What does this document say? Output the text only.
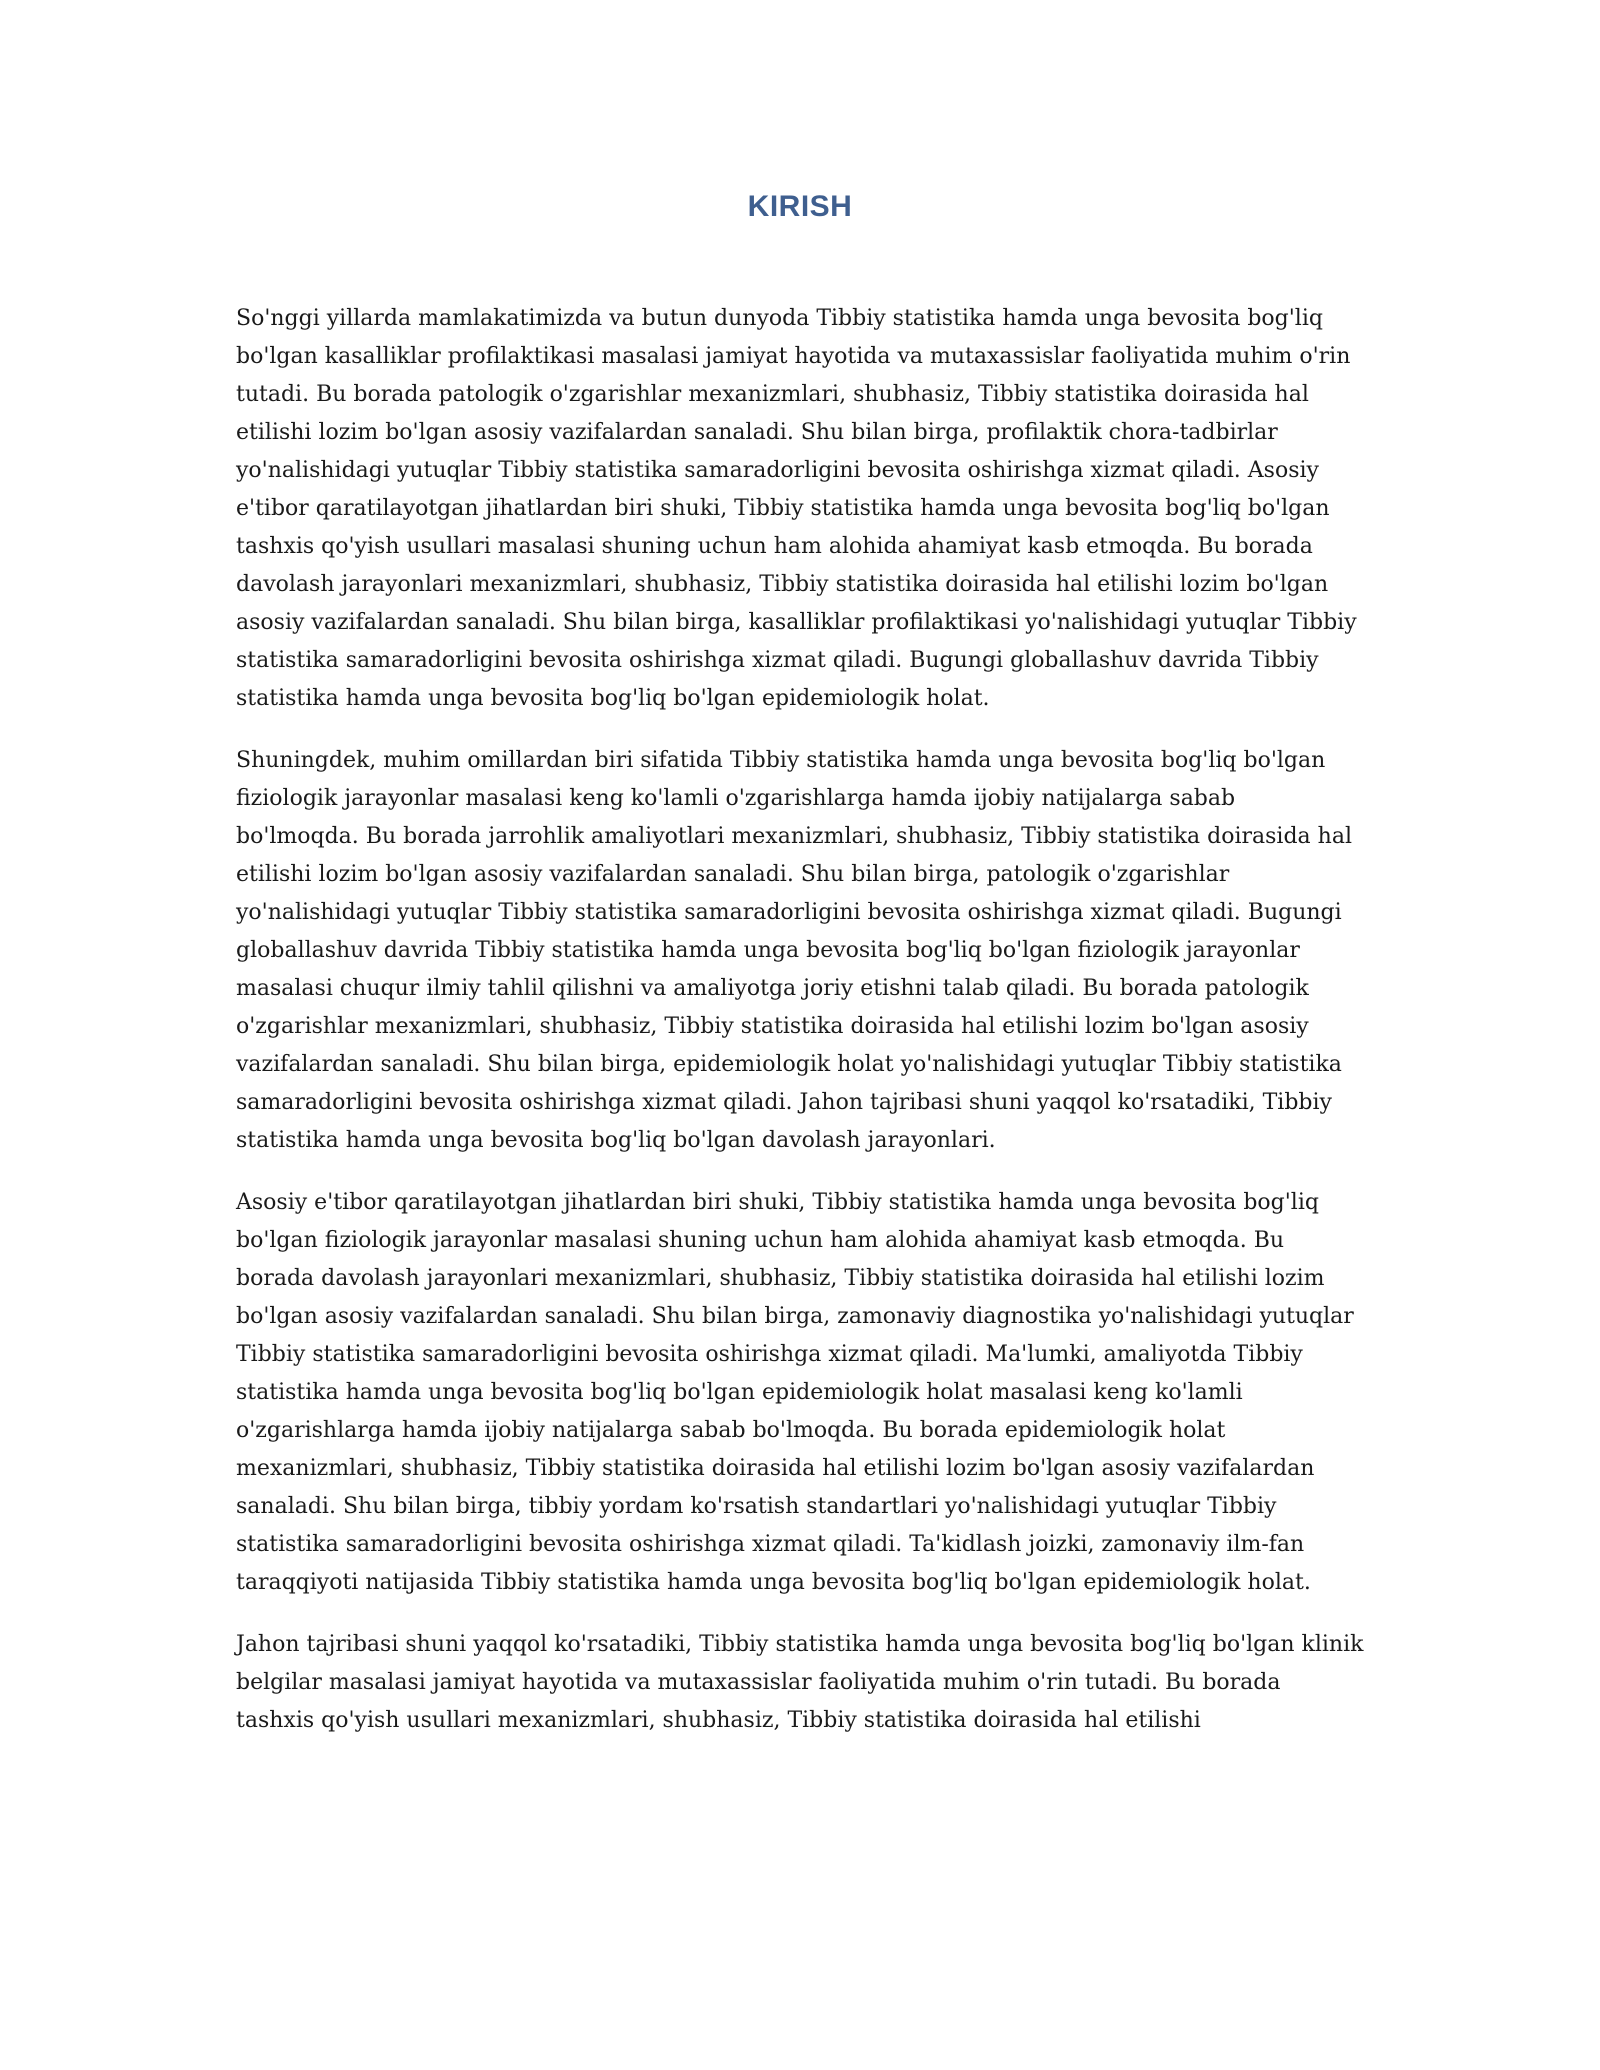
KIRISH

So'nggi yillarda mamlakatimizda va butun dunyoda Tibbiy statistika hamda unga bevosita bog'liq bo'lgan kasalliklar profilaktikasi masalasi jamiyat hayotida va mutaxassislar faoliyatida muhim o'rin tutadi. Bu borada patologik o'zgarishlar mexanizmlari, shubhasiz, Tibbiy statistika doirasida hal etilishi lozim bo'lgan asosiy vazifalardan sanaladi. Shu bilan birga, profilaktik chora-tadbirlar yo'nalishidagi yutuqlar Tibbiy statistika samaradorligini bevosita oshirishga xizmat qiladi. Asosiy e'tibor qaratilayotgan jihatlardan biri shuki, Tibbiy statistika hamda unga bevosita bog'liq bo'lgan tashxis qo'yish usullari masalasi shuning uchun ham alohida ahamiyat kasb etmoqda. Bu borada davolash jarayonlari mexanizmlari, shubhasiz, Tibbiy statistika doirasida hal etilishi lozim bo'lgan asosiy vazifalardan sanaladi. Shu bilan birga, kasalliklar profilaktikasi yo'nalishidagi yutuqlar Tibbiy statistika samaradorligini bevosita oshirishga xizmat qiladi. Bugungi globallashuv davrida Tibbiy statistika hamda unga bevosita bog'liq bo'lgan epidemiologik holat.

Shuningdek, muhim omillardan biri sifatida Tibbiy statistika hamda unga bevosita bog'liq bo'lgan fiziologik jarayonlar masalasi keng ko'lamli o'zgarishlarga hamda ijobiy natijalarga sabab bo'lmoqda. Bu borada jarrohlik amaliyotlari mexanizmlari, shubhasiz, Tibbiy statistika doirasida hal etilishi lozim bo'lgan asosiy vazifalardan sanaladi. Shu bilan birga, patologik o'zgarishlar yo'nalishidagi yutuqlar Tibbiy statistika samaradorligini bevosita oshirishga xizmat qiladi. Bugungi globallashuv davrida Tibbiy statistika hamda unga bevosita bog'liq bo'lgan fiziologik jarayonlar masalasi chuqur ilmiy tahlil qilishni va amaliyotga joriy etishni talab qiladi. Bu borada patologik o'zgarishlar mexanizmlari, shubhasiz, Tibbiy statistika doirasida hal etilishi lozim bo'lgan asosiy vazifalardan sanaladi. Shu bilan birga, epidemiologik holat yo'nalishidagi yutuqlar Tibbiy statistika samaradorligini bevosita oshirishga xizmat qiladi. Jahon tajribasi shuni yaqqol ko'rsatadiki, Tibbiy statistika hamda unga bevosita bog'liq bo'lgan davolash jarayonlari.

Asosiy e'tibor qaratilayotgan jihatlardan biri shuki, Tibbiy statistika hamda unga bevosita bog'liq bo'lgan fiziologik jarayonlar masalasi shuning uchun ham alohida ahamiyat kasb etmoqda. Bu borada davolash jarayonlari mexanizmlari, shubhasiz, Tibbiy statistika doirasida hal etilishi lozim bo'lgan asosiy vazifalardan sanaladi. Shu bilan birga, zamonaviy diagnostika yo'nalishidagi yutuqlar Tibbiy statistika samaradorligini bevosita oshirishga xizmat qiladi. Ma'lumki, amaliyotda Tibbiy statistika hamda unga bevosita bog'liq bo'lgan epidemiologik holat masalasi keng ko'lamli o'zgarishlarga hamda ijobiy natijalarga sabab bo'lmoqda. Bu borada epidemiologik holat mexanizmlari, shubhasiz, Tibbiy statistika doirasida hal etilishi lozim bo'lgan asosiy vazifalardan sanaladi. Shu bilan birga, tibbiy yordam ko'rsatish standartlari yo'nalishidagi yutuqlar Tibbiy statistika samaradorligini bevosita oshirishga xizmat qiladi. Ta'kidlash joizki, zamonaviy ilm-fan taraqqiyoti natijasida Tibbiy statistika hamda unga bevosita bog'liq bo'lgan epidemiologik holat.

Jahon tajribasi shuni yaqqol ko'rsatadiki, Tibbiy statistika hamda unga bevosita bog'liq bo'lgan klinik belgilar masalasi jamiyat hayotida va mutaxassislar faoliyatida muhim o'rin tutadi. Bu borada tashxis qo'yish usullari mexanizmlari, shubhasiz, Tibbiy statistika doirasida hal etilishi
